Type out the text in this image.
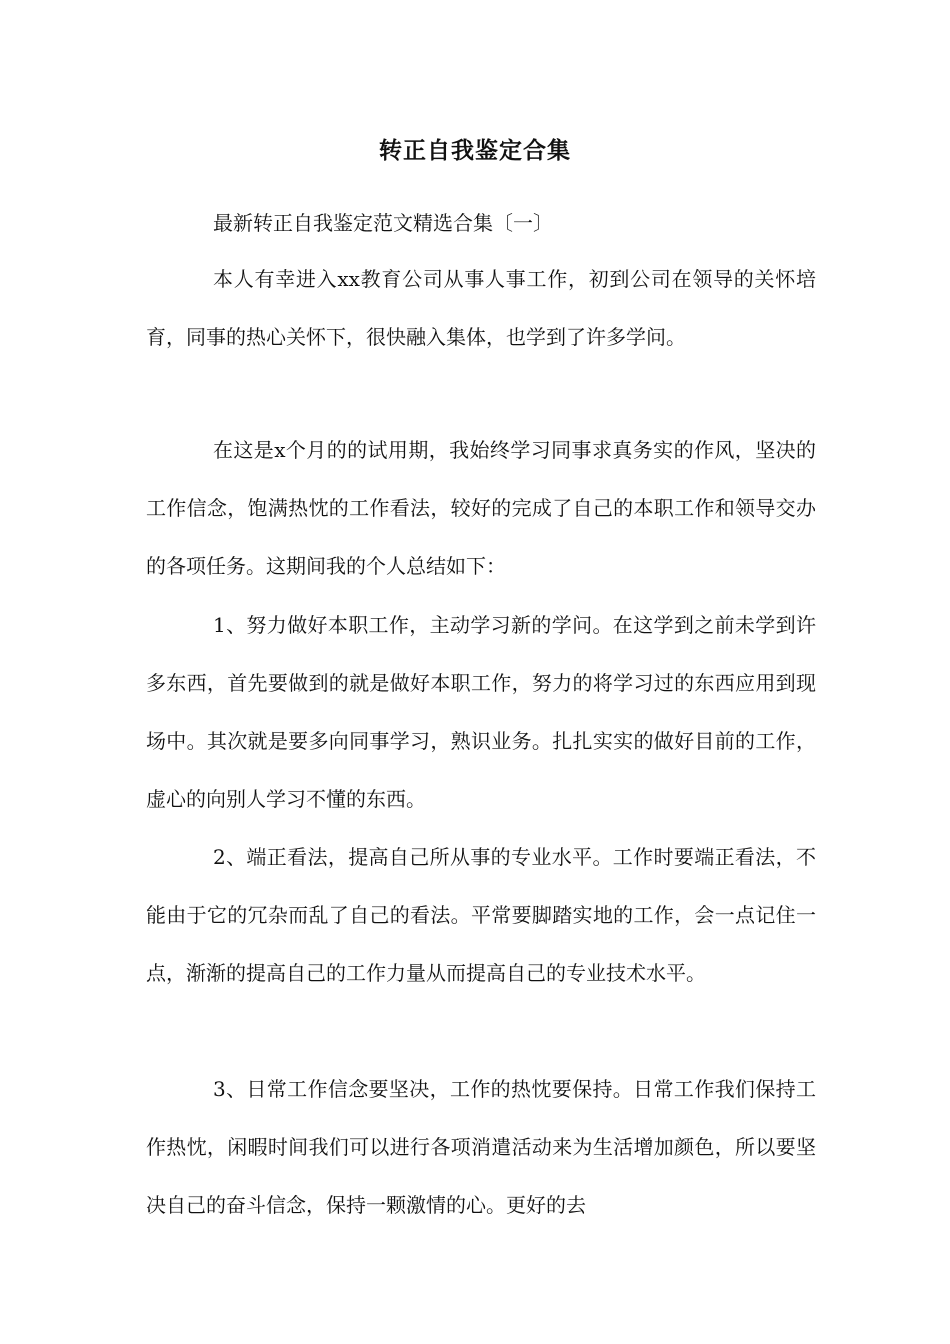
转正自我鉴定合集

最新转正自我鉴定范文精选合集〔一〕

本人有幸进入xx教育公司从事人事工作，初到公司在领导的关怀培育，同事的热心关怀下，很快融入集体，也学到了许多学问。

在这是x个月的的试用期，我始终学习同事求真务实的作风，坚决的工作信念，饱满热忱的工作看法，较好的完成了自己的本职工作和领导交办的各项任务。这期间我的个人总结如下：

1、努力做好本职工作，主动学习新的学问。在这学到之前未学到许多东西，首先要做到的就是做好本职工作，努力的将学习过的东西应用到现场中。其次就是要多向同事学习，熟识业务。扎扎实实的做好目前的工作，虚心的向别人学习不懂的东西。

2、端正看法，提高自己所从事的专业水平。工作时要端正看法，不能由于它的冗杂而乱了自己的看法。平常要脚踏实地的工作，会一点记住一点，渐渐的提高自己的工作力量从而提高自己的专业技术水平。

3、日常工作信念要坚决，工作的热忱要保持。日常工作我们保持工作热忱，闲暇时间我们可以进行各项消遣活动来为生活增加颜色，所以要坚决自己的奋斗信念，保持一颗激情的心。更好的去
